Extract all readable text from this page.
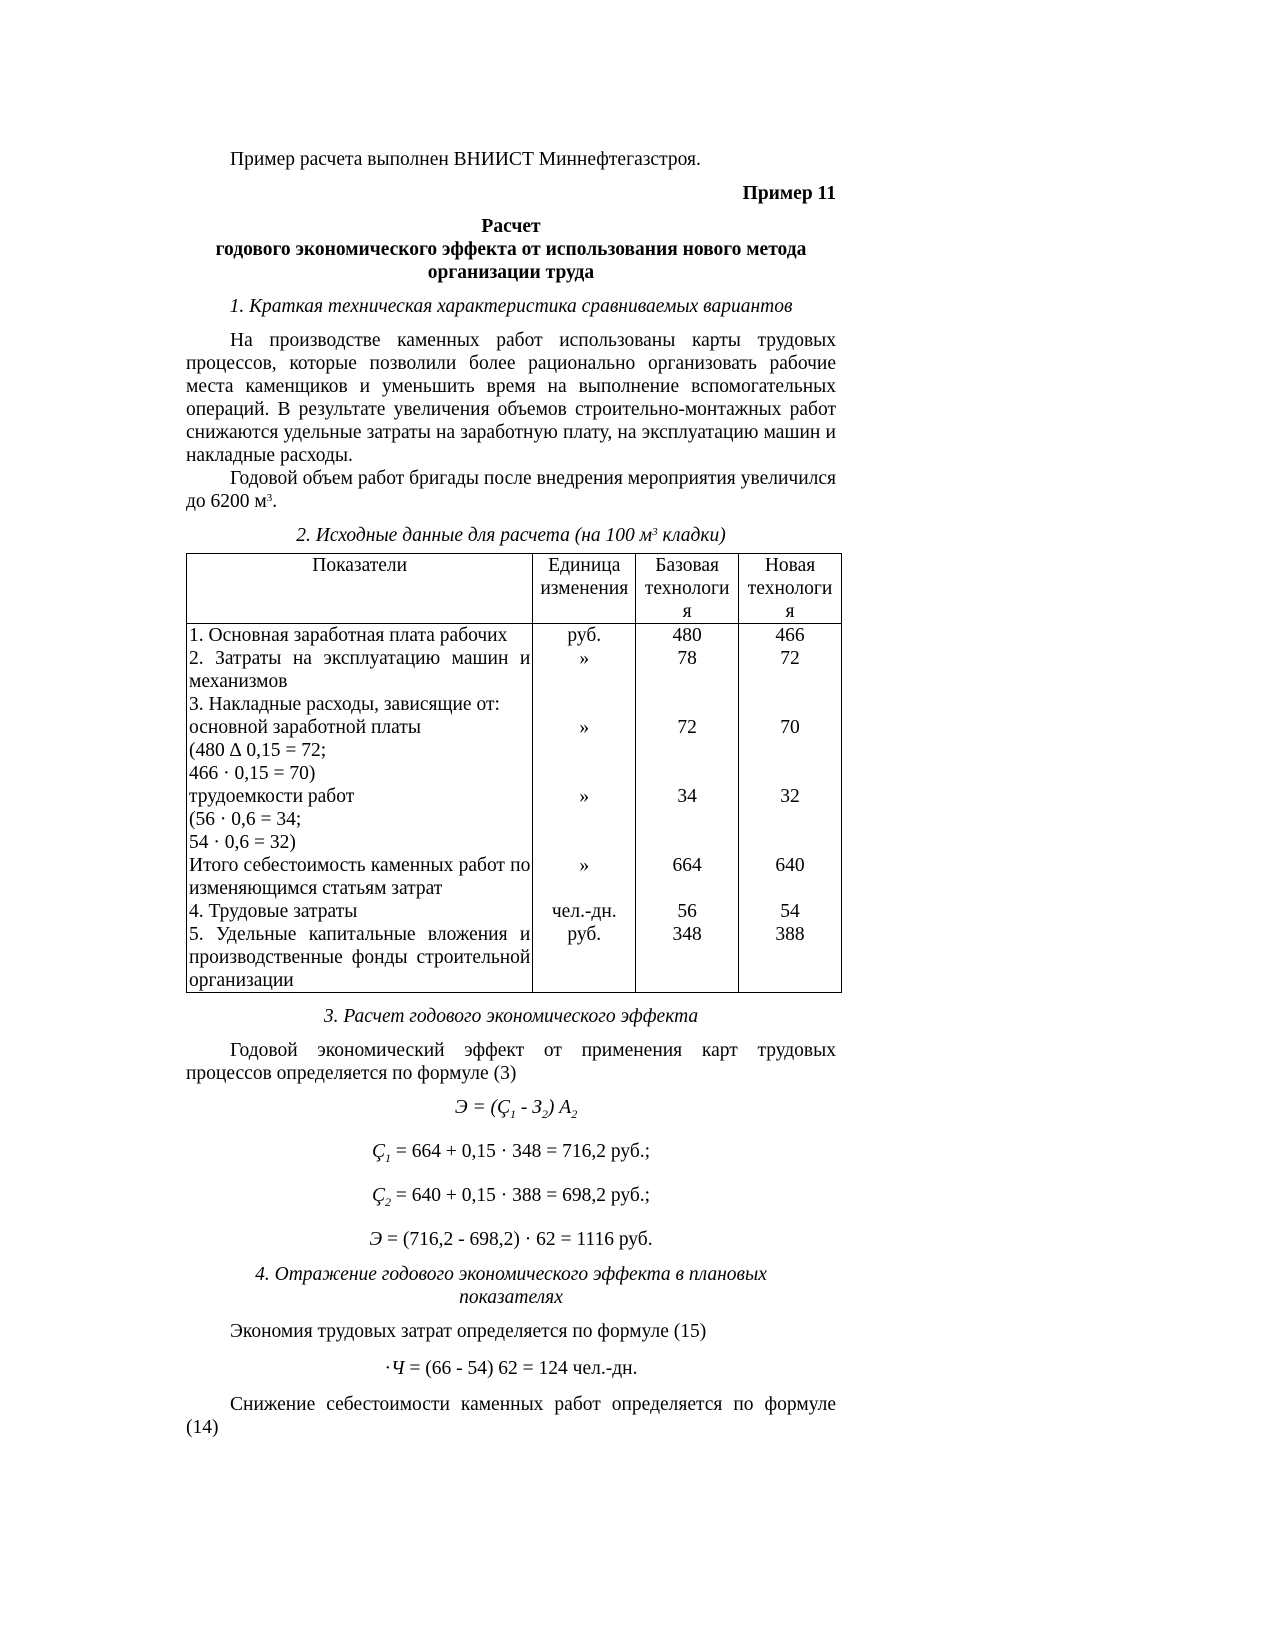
Пример расчета выполнен ВНИИСТ Миннефтегазстроя.

Пример 11

Расчет
годового экономического эффекта от использования нового метода
организации труда

1. Краткая техническая характеристика сравниваемых вариантов

На производстве каменных работ использованы карты трудовых процессов, которые позволили более рационально организовать рабочие места каменщиков и уменьшить время на выполнение вспомогательных операций. В результате увеличения объемов строительно-монтажных работ снижаются удельные затраты на заработную плату, на эксплуатацию машин и накладные расходы.

Годовой объем работ бригады после внедрения мероприятия увеличился до 6200 $м^3$.

2. Исходные данные для расчета (на 100 $м^3$ кладки)

Показатели	Единица изменения	Базовая технологи я	Новая технологи я
1. Основная заработная плата рабочих	руб.	480	466
2. Затраты на эксплуатацию машин и механизмов	»	78	72
3. Накладные расходы, зависящие от:			
основной заработной платы	»	72	70
(480 ∆ 0,15 = 72;			
466 · 0,15 = 70)			
трудоемкости работ	»	34	32
(56 · 0,6 = 34;			
54 · 0,6 = 32)			
Итого себестоимость каменных работ по изменяющимся статьям затрат	»	664	640
4. Трудовые затраты	чел.-дн.	56	54
5. Удельные капитальные вложения и производственные фонды строительной организации	руб.	348	388

3. Расчет годового экономического эффекта

Годовой экономический эффект от применения карт трудовых процессов определяется по формуле (3)

$Э = (Ç_1 - З_2)$ $А_2$

$Ç_1 = 664 + 0,15 \cdot 348 = 716,2$ руб.;

$Ç_2 = 640 + 0,15 \cdot 388 = 698,2$ руб.;

Э = (716,2 - 698,2) · 62 = 1116 руб.

4. Отражение годового экономического эффекта в плановых
показателях

Экономия трудовых затрат определяется по формуле (15)

·Ч = (66 - 54) 62 = 124 чел.-дн.

Снижение себестоимости каменных работ определяется по формуле (14)
